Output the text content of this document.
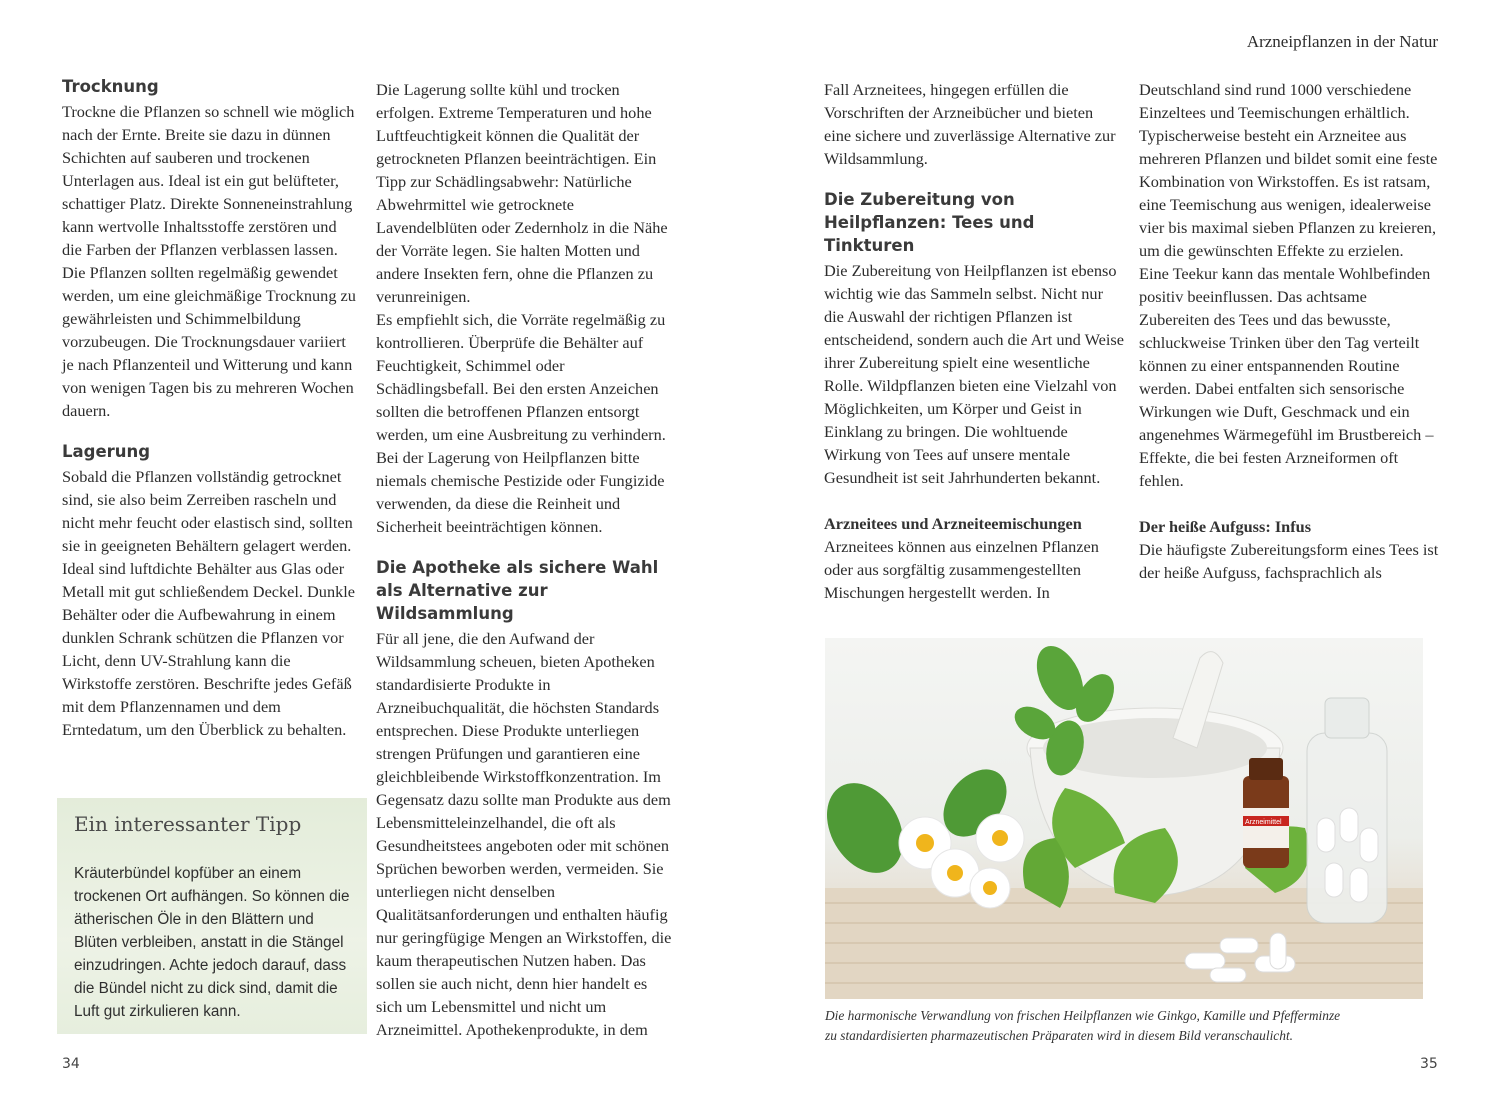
Trocknung

Trockne die Pflanzen so schnell wie möglich nach der Ernte. Breite sie dazu in dünnen Schichten auf sauberen und trockenen Unterlagen aus. Ideal ist ein gut belüfteter, schattiger Platz. Direkte Sonneneinstrahlung kann wertvolle Inhaltsstoffe zerstören und die Farben der Pflanzen verblassen lassen. Die Pflanzen sollten regelmäßig gewendet werden, um eine gleichmäßige Trocknung zu gewährleisten und Schimmelbildung vorzubeugen. Die Trocknungsdauer variiert je nach Pflanzenteil und Witterung und kann von wenigen Tagen bis zu mehreren Wochen dauern.

Lagerung

Sobald die Pflanzen vollständig getrocknet sind, sie also beim Zerreiben rascheln und nicht mehr feucht oder elastisch sind, sollten sie in geeigneten Behältern gelagert werden. Ideal sind luftdichte Behälter aus Glas oder Metall mit gut schließendem Deckel. Dunkle Behälter oder die Aufbewahrung in einem dunklen Schrank schützen die Pflanzen vor Licht, denn UV-Strahlung kann die Wirkstoffe zerstören. Beschrifte jedes Gefäß mit dem Pflanzennamen und dem Erntedatum, um den Überblick zu behalten.

Ein interessanter Tipp
Kräuterbündel kopfüber an einem trockenen Ort aufhängen. So können die ätherischen Öle in den Blättern und Blüten verbleiben, anstatt in die Stängel einzudringen. Achte jedoch darauf, dass die Bündel nicht zu dick sind, damit die Luft gut zirkulieren kann.

Die Lagerung sollte kühl und trocken erfolgen. Extreme Temperaturen und hohe Luftfeuchtigkeit können die Qualität der getrockneten Pflanzen beeinträchtigen. Ein Tipp zur Schädlingsabwehr: Natürliche Abwehrmittel wie getrocknete Lavendelblüten oder Zedernholz in die Nähe der Vorräte legen. Sie halten Motten und andere Insekten fern, ohne die Pflanzen zu verunreinigen.

Es empfiehlt sich, die Vorräte regelmäßig zu kontrollieren. Überprüfe die Behälter auf Feuchtigkeit, Schimmel oder Schädlingsbefall. Bei den ersten Anzeichen sollten die betroffenen Pflanzen entsorgt werden, um eine Ausbreitung zu verhindern. Bei der Lagerung von Heilpflanzen bitte niemals chemische Pestizide oder Fungizide verwenden, da diese die Reinheit und Sicherheit beeinträchtigen können.

Die Apotheke als sichere Wahl als Alternative zur Wildsammlung

Für all jene, die den Aufwand der Wildsammlung scheuen, bieten Apotheken standardisierte Produkte in Arzneibuchqualität, die höchsten Standards entsprechen. Diese Produkte unterliegen strengen Prüfungen und garantieren eine gleichbleibende Wirkstoffkonzentration. Im Gegensatz dazu sollte man Produkte aus dem Lebensmitteleinzelhandel, die oft als Gesundheitstees angeboten oder mit schönen Sprüchen beworben werden, vermeiden. Sie unterliegen nicht denselben Qualitätsanforderungen und enthalten häufig nur geringfügige Mengen an Wirkstoffen, die kaum therapeutischen Nutzen haben. Das sollen sie auch nicht, denn hier handelt es sich um Lebensmittel und nicht um Arzneimittel. Apothekenprodukte, in dem

34
Arzneipflanzen in der Natur

Fall Arzneitees, hingegen erfüllen die Vorschriften der Arzneibücher und bieten eine sichere und zuverlässige Alternative zur Wildsammlung.

Die Zubereitung von Heilpflanzen: Tees und Tinkturen

Die Zubereitung von Heilpflanzen ist ebenso wichtig wie das Sammeln selbst. Nicht nur die Auswahl der richtigen Pflanzen ist entscheidend, sondern auch die Art und Weise ihrer Zubereitung spielt eine wesentliche Rolle. Wildpflanzen bieten eine Vielzahl von Möglichkeiten, um Körper und Geist in Einklang zu bringen. Die wohltuende Wirkung von Tees auf unsere mentale Gesundheit ist seit Jahrhunderten bekannt.

Arzneitees und Arzneiteemischungen

Arzneitees können aus einzelnen Pflanzen oder aus sorgfältig zusammengestellten Mischungen hergestellt werden. In

Deutschland sind rund 1000 verschiedene Einzeltees und Teemischungen erhältlich. Typischerweise besteht ein Arzneitee aus mehreren Pflanzen und bildet somit eine feste Kombination von Wirkstoffen. Es ist ratsam, eine Teemischung aus wenigen, idealerweise vier bis maximal sieben Pflanzen zu kreieren, um die gewünschten Effekte zu erzielen.

Eine Teekur kann das mentale Wohlbefinden positiv beeinflussen. Das achtsame Zubereiten des Tees und das bewusste, schluckweise Trinken über den Tag verteilt können zu einer entspannenden Routine werden. Dabei entfalten sich sensorische Wirkungen wie Duft, Geschmack und ein angenehmes Wärmegefühl im Brustbereich – Effekte, die bei festen Arzneiformen oft fehlen.

Der heiße Aufguss: Infus

Die häufigste Zubereitungsform eines Tees ist der heiße Aufguss, fachsprachlich als

Arzneimittel
Die harmonische Verwandlung von frischen Heilpflanzen wie Ginkgo, Kamille und Pfefferminze
zu standardisierten pharmazeutischen Präparaten wird in diesem Bild veranschaulicht.
35
